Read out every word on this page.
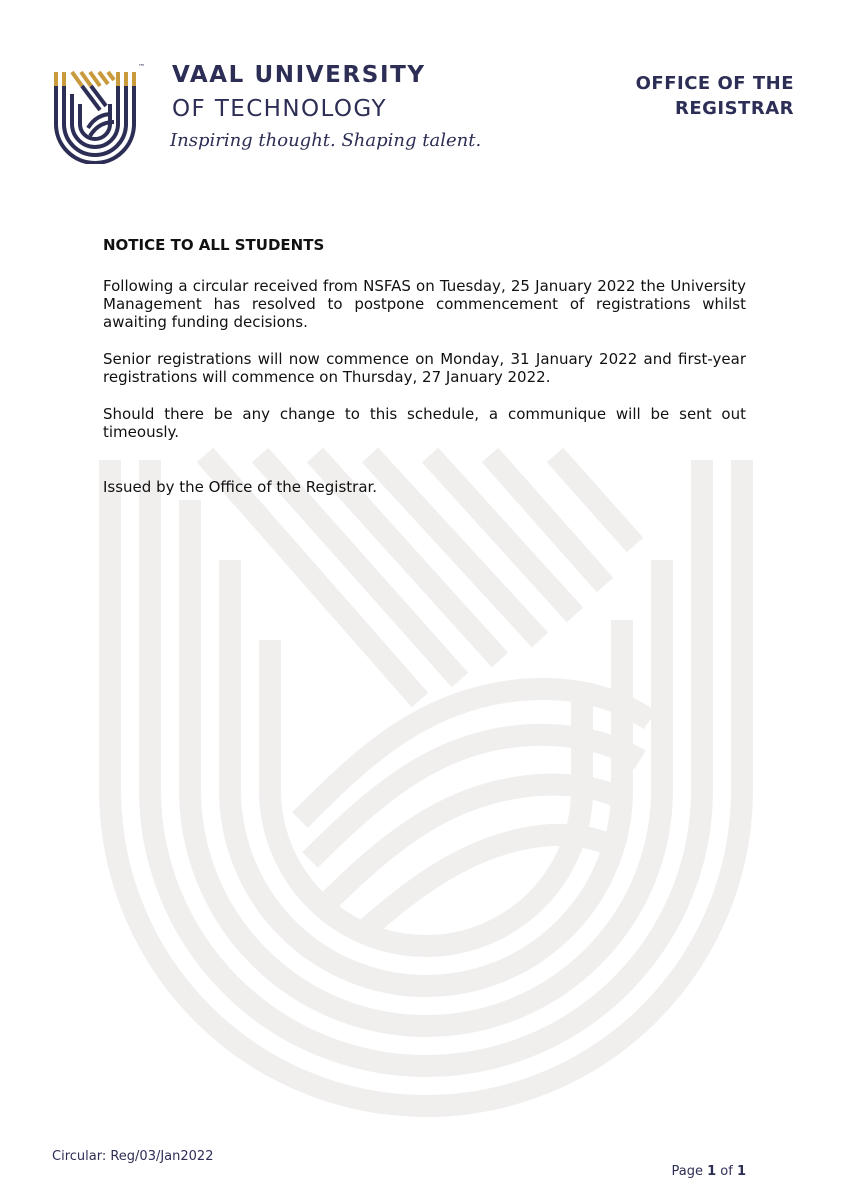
™ VAAL UNIVERSITY
OF TECHNOLOGY
Inspiring thought. Shaping talent.
OFFICE OF THE
REGISTRAR
NOTICE TO ALL STUDENTS

Following a circular received from NSFAS on Tuesday, 25 January 2022 the University Management has resolved to postpone commencement of registrations whilst awaiting funding decisions.

Senior registrations will now commence on Monday, 31 January 2022 and first-year registrations will commence on Thursday, 27 January 2022.

Should there be any change to this schedule, a communique will be sent out timeously.

Issued by the Office of the Registrar.

Circular: Reg/03/Jan2022
Page 1 of 1
